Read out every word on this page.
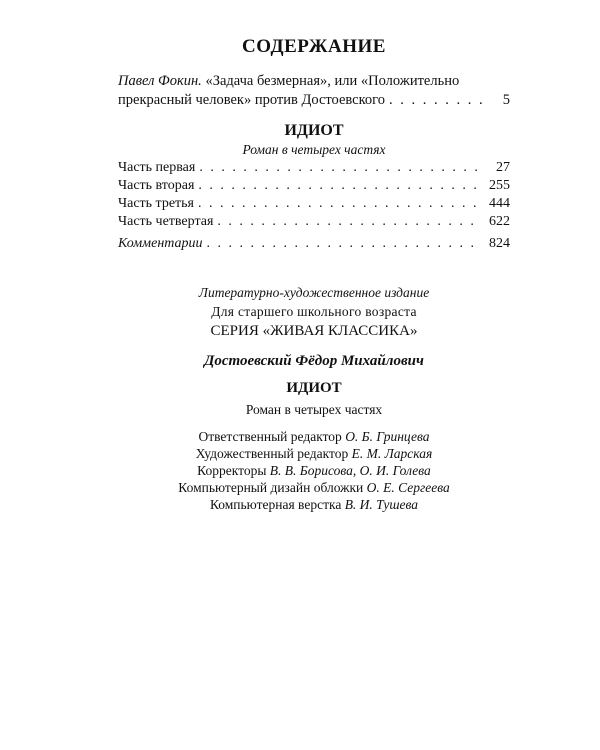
СОДЕРЖАНИЕ
Павел Фокин. «Задача безмерная», или «Положительно
прекрасный человек» против Достоевского . . .	5
ИДИОТ
Роман в четырех частях
Часть первая . . .	27
Часть вторая . . .	255
Часть третья . . .	444
Часть четвертая . . .	622
Комментарии . . .	824
Литературно-художественное издание
Для старшего школьного возраста
СЕРИЯ «ЖИВАЯ КЛАССИКА»
Достоевский Фёдор Михайлович
ИДИОТ
Роман в четырех частях
Ответственный редактор О. Б. Гринцева
Художественный редактор Е. М. Ларская
Корректоры В. В. Борисова, О. И. Голева
Компьютерный дизайн обложки О. Е. Сергеева
Компьютерная верстка В. И. Тушева
